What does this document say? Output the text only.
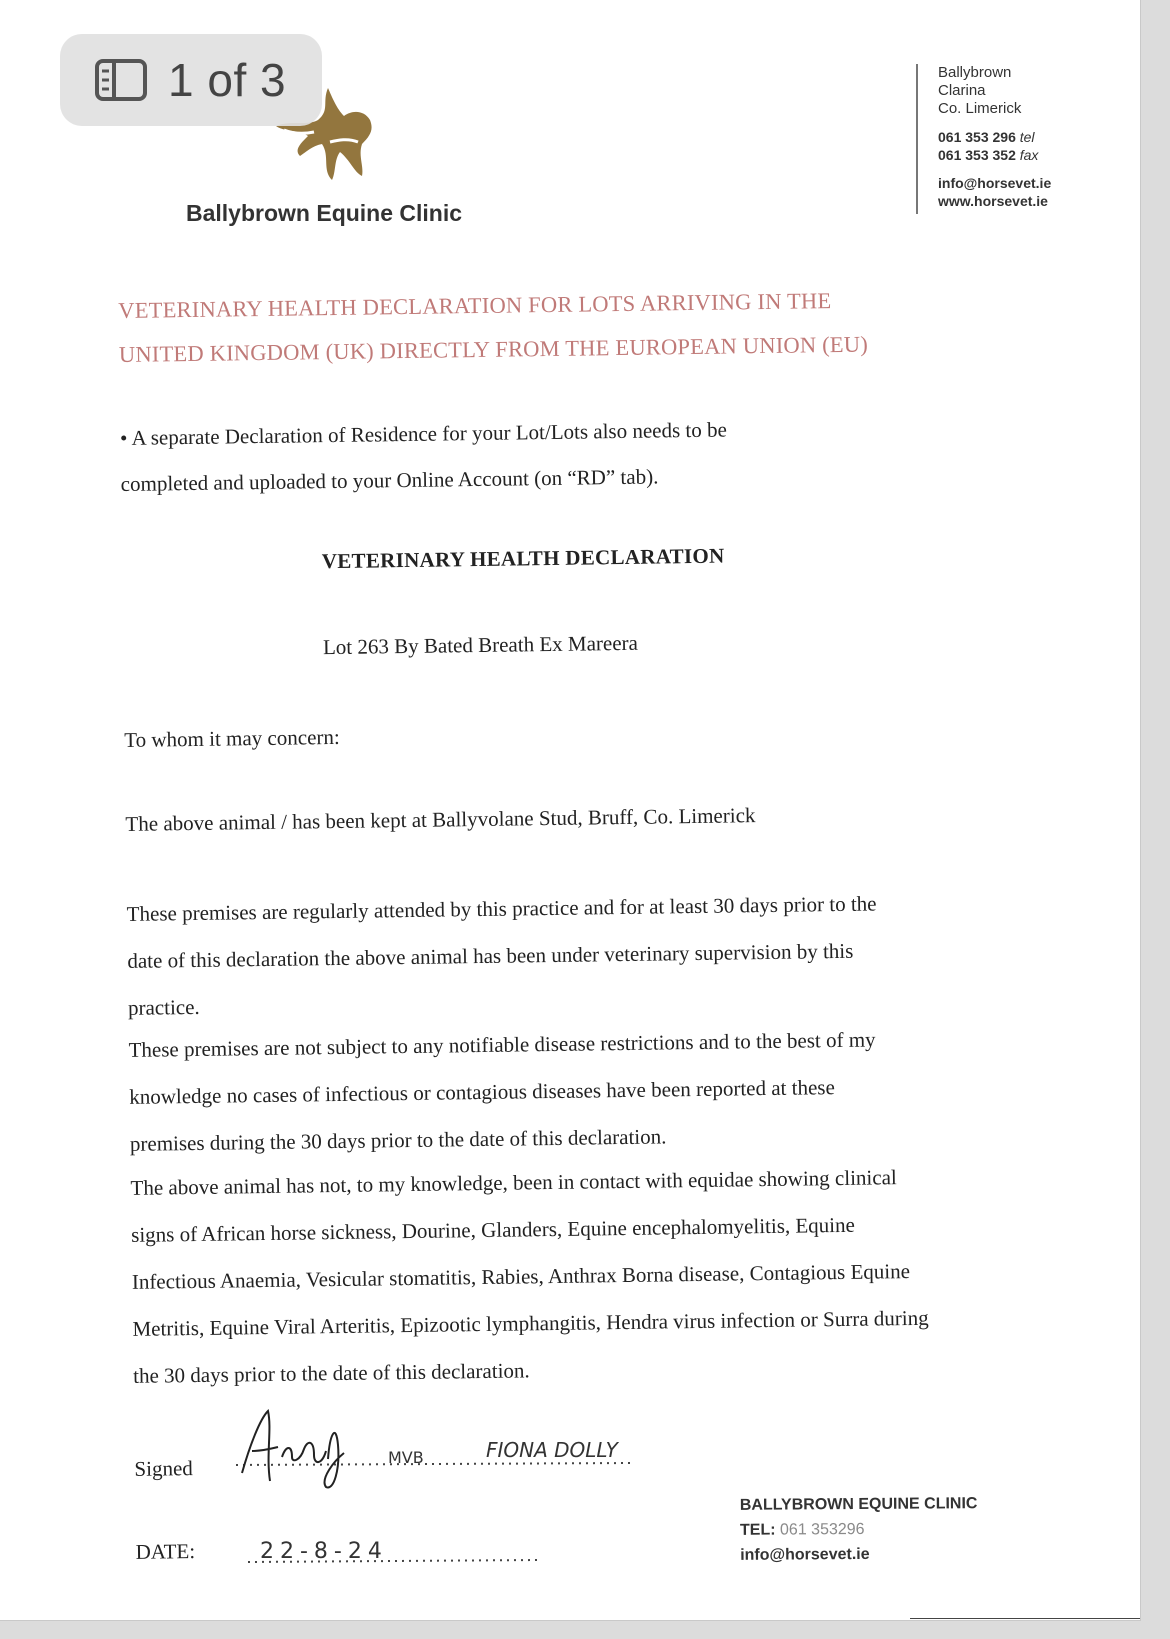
Ballybrown Equine Clinic
Ballybrown
Clarina
Co. Limerick
061 353 296 tel
061 353 352 fax
info@horsevet.ie
www.horsevet.ie
VETERINARY HEALTH DECLARATION FOR LOTS ARRIVING IN THE
UNITED KINGDOM (UK) DIRECTLY FROM THE EUROPEAN UNION (EU)
• A separate Declaration of Residence for your Lot/Lots also needs to be
completed and uploaded to your Online Account (on “RD” tab).
VETERINARY HEALTH DECLARATION
Lot 263 By Bated Breath Ex Mareera
To whom it may concern:
The above animal / has been kept at Ballyvolane Stud, Bruff, Co. Limerick
These premises are regularly attended by this practice and for at least 30 days prior to the
date of this declaration the above animal has been under veterinary supervision by this
practice.
These premises are not subject to any notifiable disease restrictions and to the best of my
knowledge no cases of infectious or contagious diseases have been reported at these
premises during the 30 days prior to the date of this declaration.
The above animal has not, to my knowledge, been in contact with equidae showing clinical
signs of African horse sickness, Dourine, Glanders, Equine encephalomyelitis, Equine
Infectious Anaemia, Vesicular stomatitis, Rabies, Anthrax Borna disease, Contagious Equine
Metritis, Equine Viral Arteritis, Epizootic lymphangitis, Hendra virus infection or Surra during
the 30 days prior to the date of this declaration.
Signed
DATE:
MVB	FIONA DOLLY
22-8-24
BALLYBROWN EQUINE CLINIC
TEL: 061 353296
info@horsevet.ie
1 of 3
